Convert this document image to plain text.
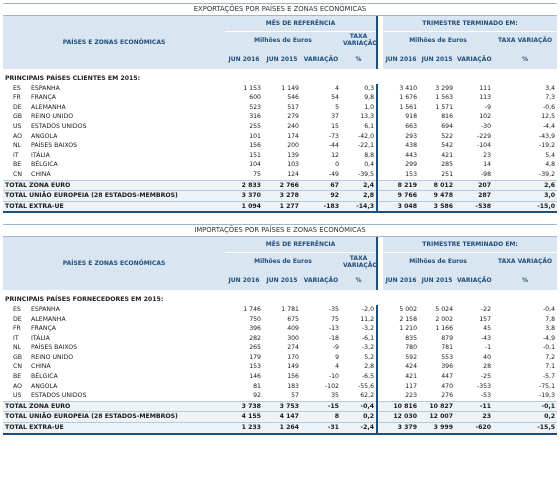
EXPORTAÇÕES POR PAÍSES E ZONAS ECONÓMICAS
PAÍSES E ZONAS ECONÓMICAS	MÊS DE REFERÊNCIA					TRIMESTRE TERMINADO EM:			
	Milhões de Euros			TAXA VARIAÇÃO		Milhões de Euros			TAXA VARIAÇÃO
	JUN 2016	JUN 2015	VARIAÇÃO	%		JUN 2016	JUN 2015	VARIAÇÃO	%

PRINCIPAIS PAÍSES CLIENTES EM 2015:									
ES ESPANHA	1 153	1 149	4	0,3		3 410	3 299	111	3,4
FR FRANÇA	600	546	54	9,8		1 676	1 563	113	7,3
DE ALEMANHA	523	517	5	1,0		1 561	1 571	-9	-0,6
GB REINO UNIDO	316	279	37	13,3		918	816	102	12,5
US ESTADOS UNIDOS	255	240	15	6,1		663	694	-30	-4,4
AO ANGOLA	101	174	-73	-42,0		293	522	-229	-43,9
NL PAÍSES BAIXOS	156	200	-44	-22,1		438	542	-104	-19,2
IT ITÁLIA	151	139	12	8,8		443	421	23	5,4
BE BÉLGICA	104	103	0	0,4		299	285	14	4,8
CN CHINA	75	124	-49	-39,5		153	251	-98	-39,2
TOTAL ZONA EURO	2 833	2 766	67	2,4		8 219	8 012	207	2,6
TOTAL UNIÃO EUROPEIA (28 ESTADOS-MEMBROS)	3 370	3 278	92	2,8		9 766	9 478	287	3,0
TOTAL EXTRA-UE	1 094	1 277	-183	-14,3		3 048	3 586	-538	-15,0
IMPORTAÇÕES POR PAÍSES E ZONAS ECONÓMICAS
PAÍSES E ZONAS ECONÓMICAS	MÊS DE REFERÊNCIA					TRIMESTRE TERMINADO EM:			
	Milhões de Euros			TAXA VARIAÇÃO		Milhões de Euros			TAXA VARIAÇÃO
	JUN 2016	JUN 2015	VARIAÇÃO	%		JUN 2016	JUN 2015	VARIAÇÃO	%

PRINCIPAIS PAÍSES FORNECEDORES EM 2015:									
ES ESPANHA	1 746	1 781	-35	-2,0		5 002	5 024	-22	-0,4
DE ALEMANHA	750	675	75	11,2		2 158	2 002	157	7,8
FR FRANÇA	396	409	-13	-3,2		1 210	1 166	45	3,8
IT ITÁLIA	282	300	-18	-6,1		835	879	-43	-4,9
NL PAÍSES BAIXOS	265	274	-9	-3,2		780	781	-1	-0,1
GB REINO UNIDO	179	170	9	5,2		592	553	40	7,2
CN CHINA	153	149	4	2,8		424	396	28	7,1
BE BÉLGICA	146	156	-10	-6,5		421	447	-25	-5,7
AO ANGOLA	81	183	-102	-55,6		117	470	-353	-75,1
US ESTADOS UNIDOS	92	57	35	62,2		223	276	-53	-19,3
TOTAL ZONA EURO	3 738	3 753	-15	-0,4		10 816	10 827	-11	-0,1
TOTAL UNIÃO EUROPEIA (28 ESTADOS-MEMBROS)	4 155	4 147	8	0,2		12 030	12 007	23	0,2
TOTAL EXTRA-UE	1 233	1 264	-31	-2,4		3 379	3 999	-620	-15,5
